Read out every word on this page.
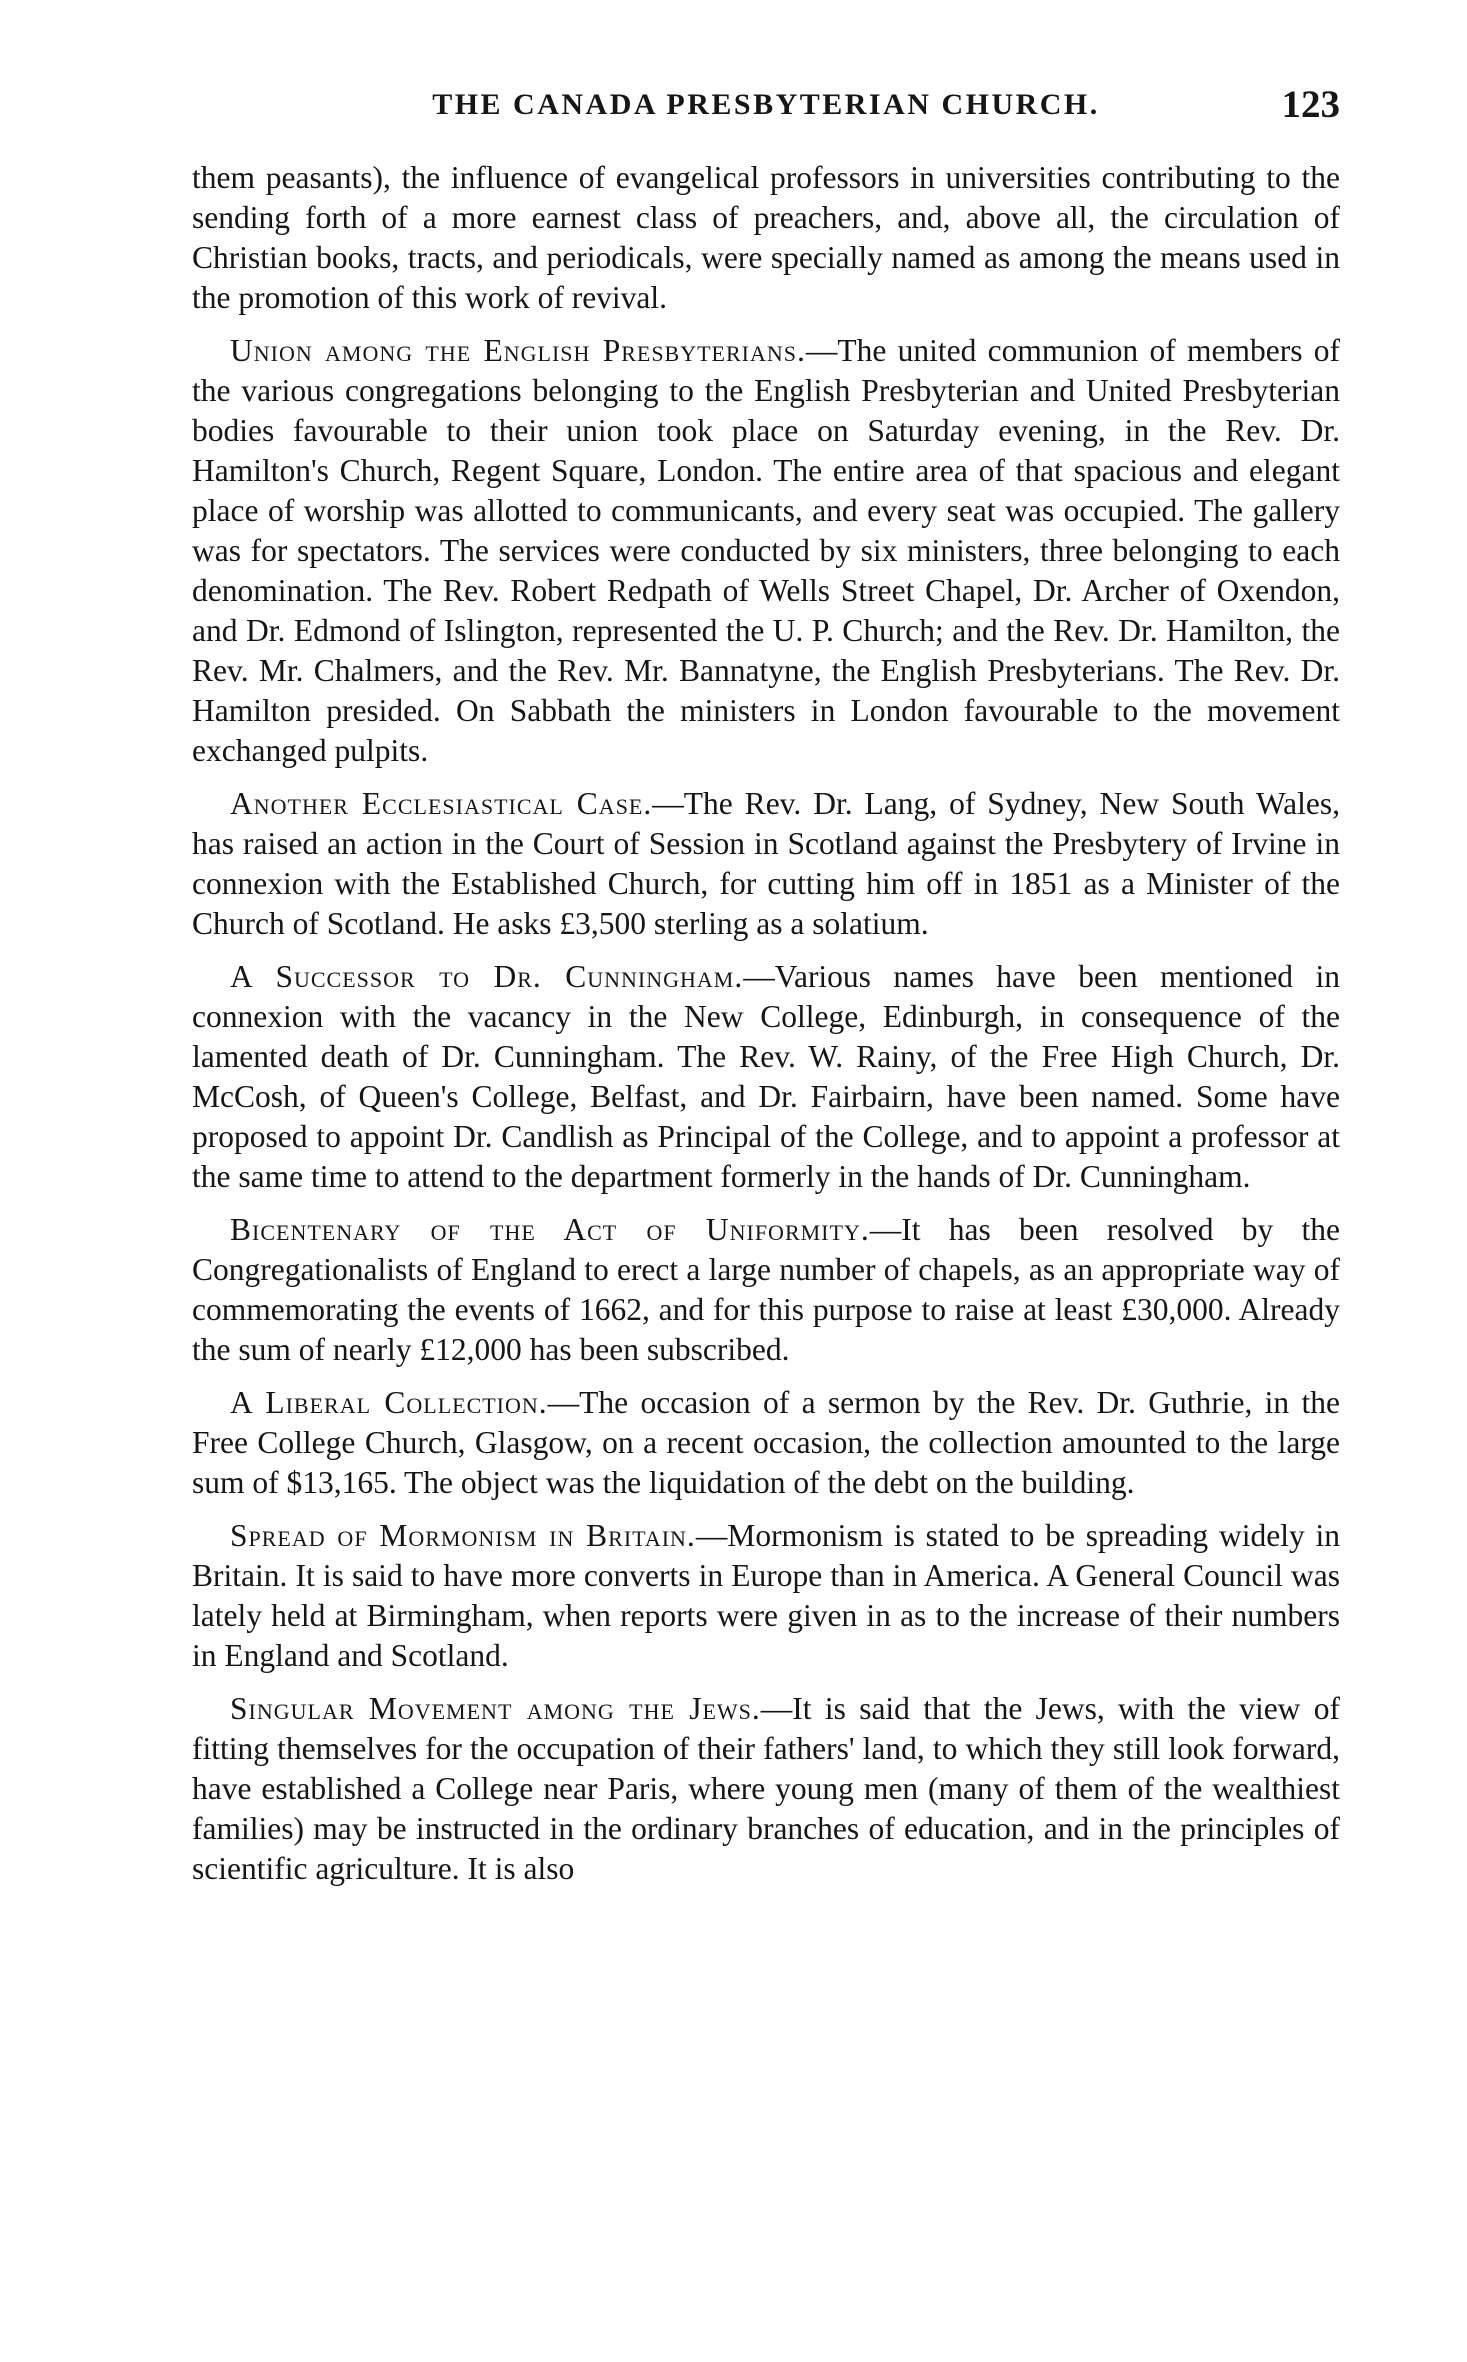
THE CANADA PRESBYTERIAN CHURCH.	123

them peasants), the influence of evangelical professors in universities contributing to the sending forth of a more earnest class of preachers, and, above all, the circulation of Christian books, tracts, and periodicals, were specially named as among the means used in the promotion of this work of revival.

Union among the English Presbyterians.—The united communion of members of the various congregations belonging to the English Presbyterian and United Presbyterian bodies favourable to their union took place on Saturday evening, in the Rev. Dr. Hamilton's Church, Regent Square, London. The entire area of that spacious and elegant place of worship was allotted to communicants, and every seat was occupied. The gallery was for spectators. The services were conducted by six ministers, three belonging to each denomination. The Rev. Robert Redpath of Wells Street Chapel, Dr. Archer of Oxendon, and Dr. Edmond of Islington, represented the U. P. Church; and the Rev. Dr. Hamilton, the Rev. Mr. Chalmers, and the Rev. Mr. Bannatyne, the English Presbyterians. The Rev. Dr. Hamilton presided. On Sabbath the ministers in London favourable to the movement exchanged pulpits.

Another Ecclesiastical Case.—The Rev. Dr. Lang, of Sydney, New South Wales, has raised an action in the Court of Session in Scotland against the Presbytery of Irvine in connexion with the Established Church, for cutting him off in 1851 as a Minister of the Church of Scotland. He asks £3,500 sterling as a solatium.

A Successor to Dr. Cunningham.—Various names have been mentioned in connexion with the vacancy in the New College, Edinburgh, in consequence of the lamented death of Dr. Cunningham. The Rev. W. Rainy, of the Free High Church, Dr. McCosh, of Queen's College, Belfast, and Dr. Fairbairn, have been named. Some have proposed to appoint Dr. Candlish as Principal of the College, and to appoint a professor at the same time to attend to the department formerly in the hands of Dr. Cunningham.

Bicentenary of the Act of Uniformity.—It has been resolved by the Congregationalists of England to erect a large number of chapels, as an appropriate way of commemorating the events of 1662, and for this purpose to raise at least £30,000. Already the sum of nearly £12,000 has been subscribed.

A Liberal Collection.—The occasion of a sermon by the Rev. Dr. Guthrie, in the Free College Church, Glasgow, on a recent occasion, the collection amounted to the large sum of $13,165. The object was the liquidation of the debt on the building.

Spread of Mormonism in Britain.—Mormonism is stated to be spreading widely in Britain. It is said to have more converts in Europe than in America. A General Council was lately held at Birmingham, when reports were given in as to the increase of their numbers in England and Scotland.

Singular Movement among the Jews.—It is said that the Jews, with the view of fitting themselves for the occupation of their fathers' land, to which they still look forward, have established a College near Paris, where young men (many of them of the wealthiest families) may be instructed in the ordinary branches of education, and in the principles of scientific agriculture. It is also
